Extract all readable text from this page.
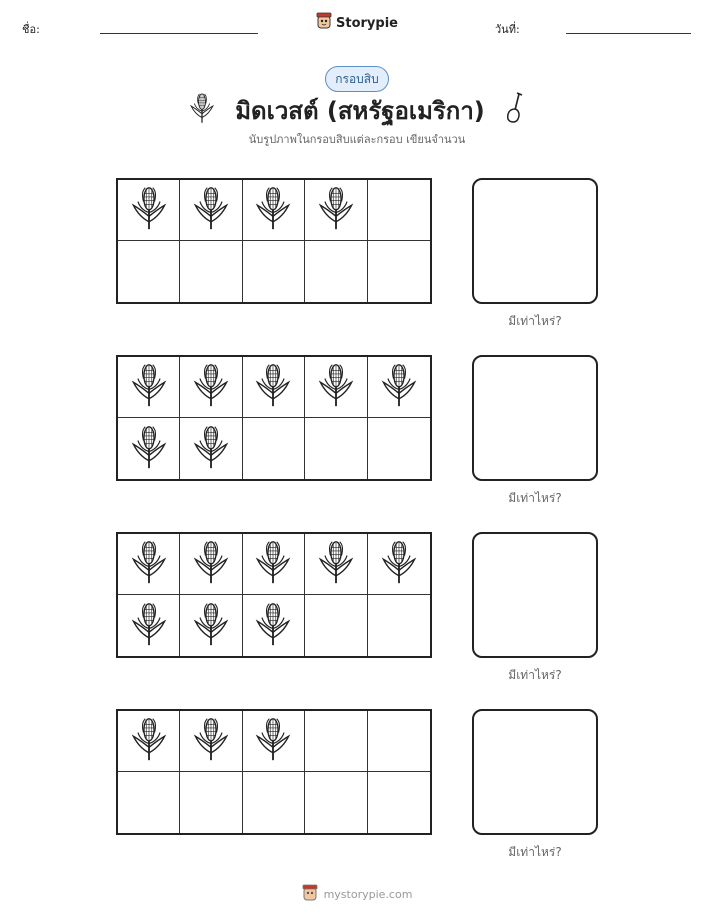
ชื่อ:	Storypie	วันที่:
กรอบสิบ
มิดเวสต์ (สหรัฐอเมริกา)
นับรูปภาพในกรอบสิบแต่ละกรอบ เขียนจำนวน
มีเท่าไหร่?
มีเท่าไหร่?
มีเท่าไหร่?
มีเท่าไหร่?
mystorypie.com
